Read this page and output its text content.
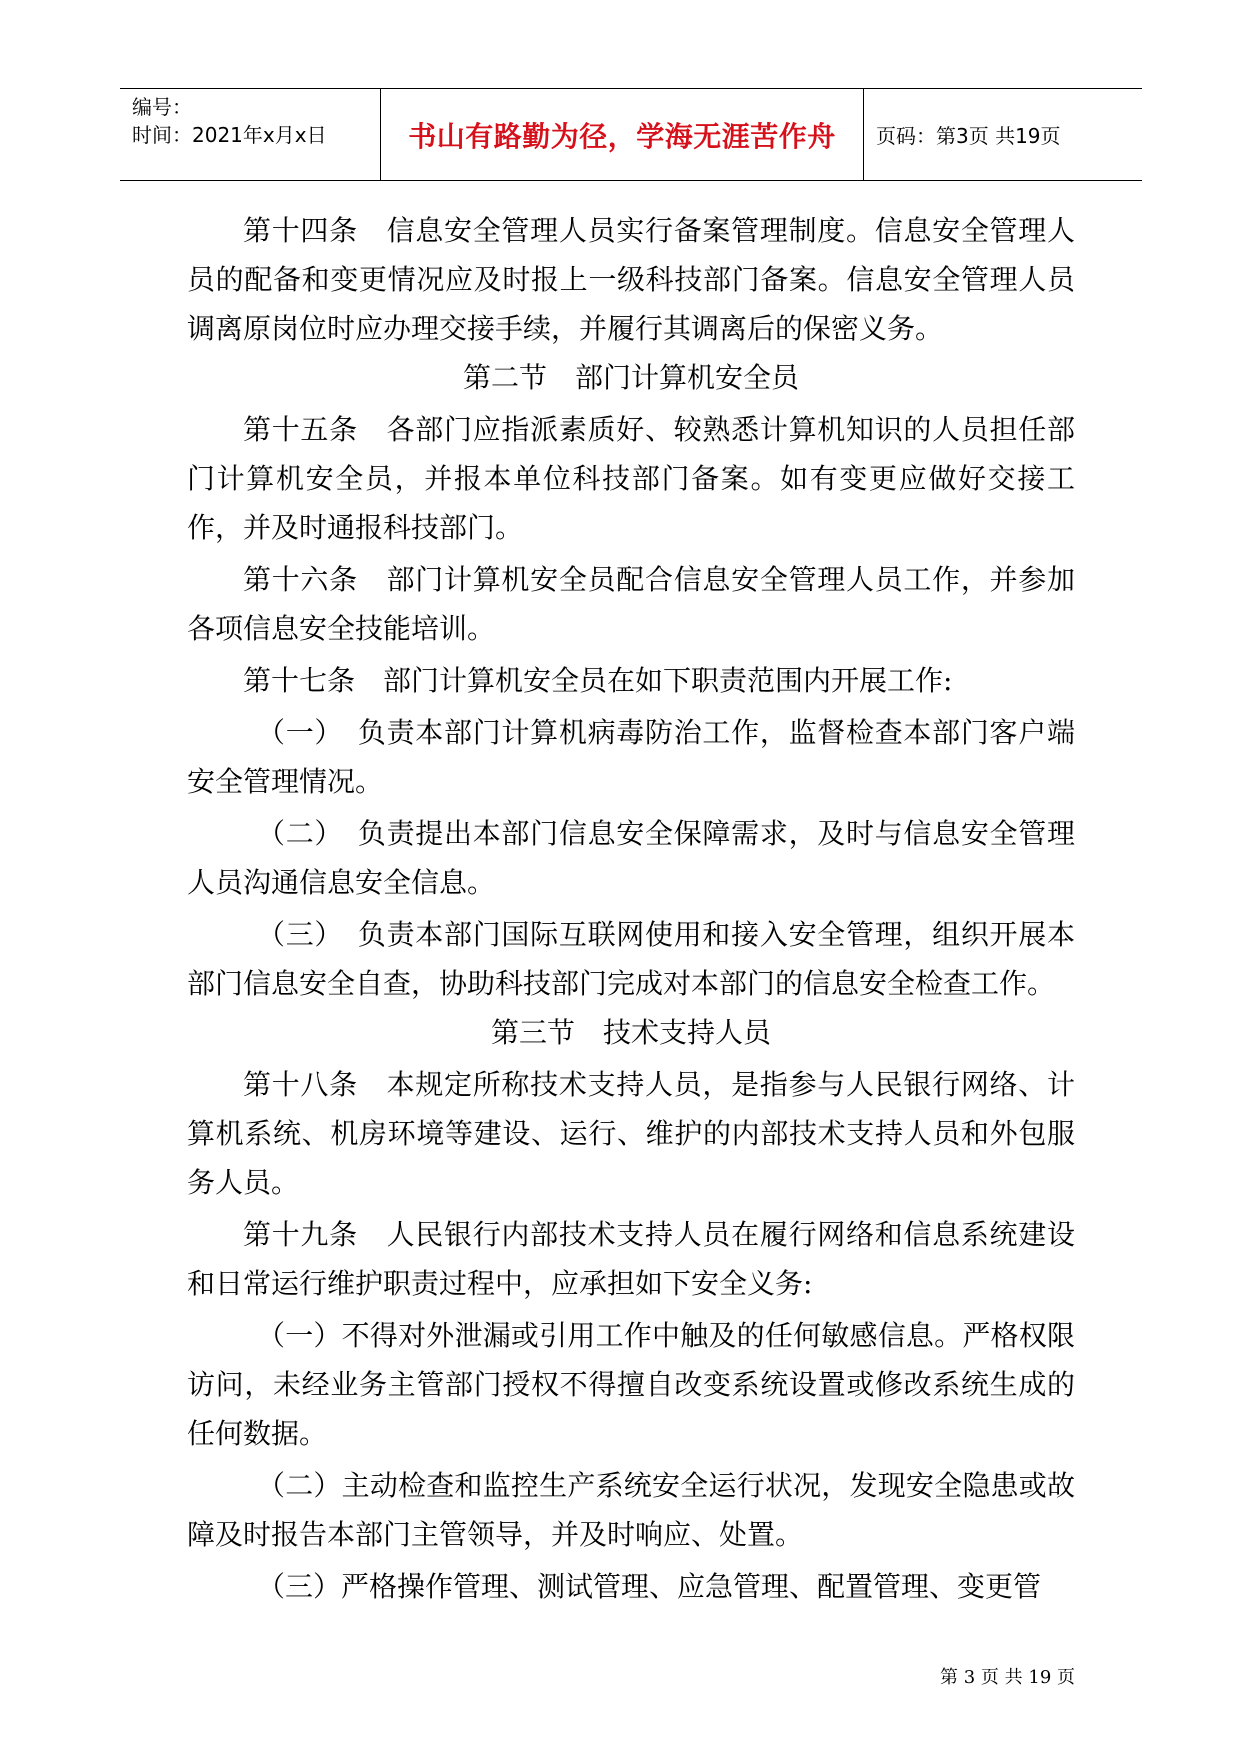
编号：
时间：2021年x月x日	书山有路勤为径，学海无涯苦作舟 页码：第3页 共19页

第十四条　信息安全管理人员实行备案管理制度。信息安全管理人员的配备和变更情况应及时报上一级科技部门备案。信息安全管理人员调离原岗位时应办理交接手续，并履行其调离后的保密义务。

第二节　部门计算机安全员

第十五条　各部门应指派素质好、较熟悉计算机知识的人员担任部门计算机安全员，并报本单位科技部门备案。如有变更应做好交接工作，并及时通报科技部门。

第十六条　部门计算机安全员配合信息安全管理人员工作，并参加各项信息安全技能培训。

第十七条　部门计算机安全员在如下职责范围内开展工作:

（一）　负责本部门计算机病毒防治工作，监督检查本部门客户端安全管理情况。

（二）　负责提出本部门信息安全保障需求，及时与信息安全管理人员沟通信息安全信息。

（三）　负责本部门国际互联网使用和接入安全管理，组织开展本部门信息安全自查，协助科技部门完成对本部门的信息安全检查工作。

第三节　技术支持人员

第十八条　本规定所称技术支持人员，是指参与人民银行网络、计算机系统、机房环境等建设、运行、维护的内部技术支持人员和外包服务人员。

第十九条　人民银行内部技术支持人员在履行网络和信息系统建设和日常运行维护职责过程中，应承担如下安全义务:

（一）不得对外泄漏或引用工作中触及的任何敏感信息。严格权限访问，未经业务主管部门授权不得擅自改变系统设置或修改系统生成的任何数据。

（二）主动检查和监控生产系统安全运行状况，发现安全隐患或故障及时报告本部门主管领导，并及时响应、处置。

（三）严格操作管理、测试管理、应急管理、配置管理、变更管

第 3 页 共 19 页
